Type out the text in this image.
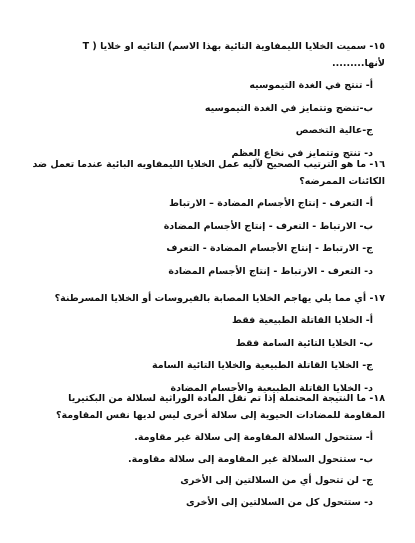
١٥- سميت الخلايا الليمفاوية التائية بهذا الاسم) التائيه او خلايا ( T لأنها.........
أ- تنتج في الغدة التيموسيه
ب-تنضج وتتمايز في الغدة التيموسيه
ج-عالية التخصص
د- تنتج وتتمايز في نخاع العظم
١٦- ما هو الترتيب الصحيح لآليه عمل الخلايا الليمفاويه البائية عندما تعمل ضد الكائنات الممرضه؟
أ- التعرف - إنتاج الأجسام المضادة – الارتباط
ب- الارتباط - التعرف - إنتاج الأجسام المضادة
ج- الارتباط - إنتاج الأجسام المضادة - التعرف
د- التعرف - الارتباط - إنتاج الأجسام المضادة
١٧- أي مما يلي يهاجم الخلايا المصابة بالفيروسات أو الخلايا المسرطنة؟
أ- الخلايا القاتلة الطبيعية فقط
ب- الخلايا التائية السامة فقط
ج- الخلايا القاتلة الطبيعية والخلايا التائية السامة
د- الخلايا القاتلة الطبيعية والأجسام المضادة
١٨- ما النتيجة المحتملة إذا تم نقل المادة الوراثية لسلالة من البكتيريا المقاومة للمضادات الحيوية إلى سلالة أخرى ليس لديها نفس المقاومة؟
أ- ستتحول السلالة المقاومة إلى سلالة غير مقاومة.
ب- ستتحول السلالة غير المقاومة إلى سلالة مقاومة.
ج- لن تتحول أي من السلالتين إلى الأخرى
د- ستتحول كل من السلالتين إلى الأخرى
